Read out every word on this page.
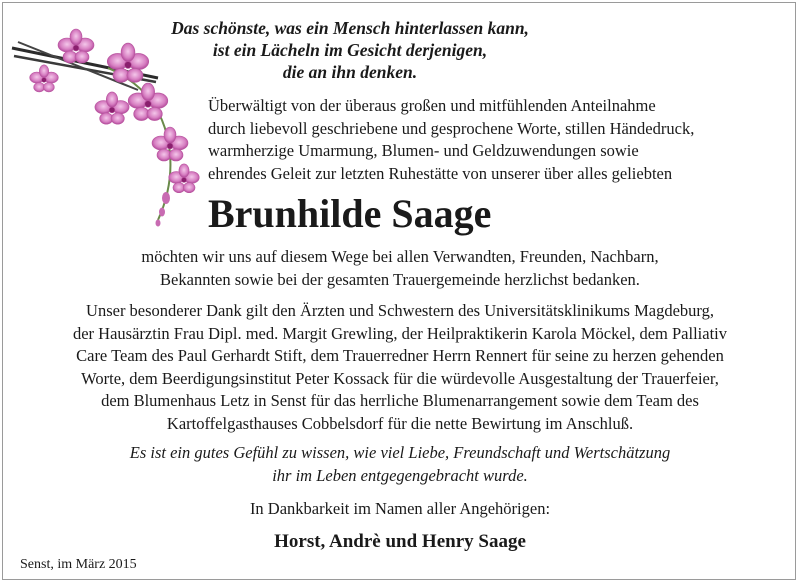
Das schönste, was ein Mensch hinterlassen kann,
ist ein Lächeln im Gesicht derjenigen,
die an ihn denken.
Überwältigt von der überaus großen und mitfühlenden Anteilnahme
durch liebevoll geschriebene und gesprochene Worte, stillen Händedruck,
warmherzige Umarmung, Blumen- und Geldzuwendungen sowie
ehrendes Geleit zur letzten Ruhestätte von unserer über alles geliebten
Brunhilde Saage
möchten wir uns auf diesem Wege bei allen Verwandten, Freunden, Nachbarn,
Bekannten sowie bei der gesamten Trauergemeinde herzlichst bedanken.
Unser besonderer Dank gilt den Ärzten und Schwestern des Universitätsklinikums Magdeburg,
der Hausärztin Frau Dipl. med. Margit Grewling, der Heilpraktikerin Karola Möckel, dem Palliativ
Care Team des Paul Gerhardt Stift, dem Trauerredner Herrn Rennert für seine zu herzen gehenden
Worte, dem Beerdigungsinstitut Peter Kossack für die würdevolle Ausgestaltung der Trauerfeier,
dem Blumenhaus Letz in Senst für das herrliche Blumenarrangement sowie dem Team des
Kartoffelgasthauses Cobbelsdorf für die nette Bewirtung im Anschluß.
Es ist ein gutes Gefühl zu wissen, wie viel Liebe, Freundschaft und Wertschätzung
ihr im Leben entgegengebracht wurde.
In Dankbarkeit im Namen aller Angehörigen:
Horst, Andrè und Henry Saage
Senst, im März 2015
